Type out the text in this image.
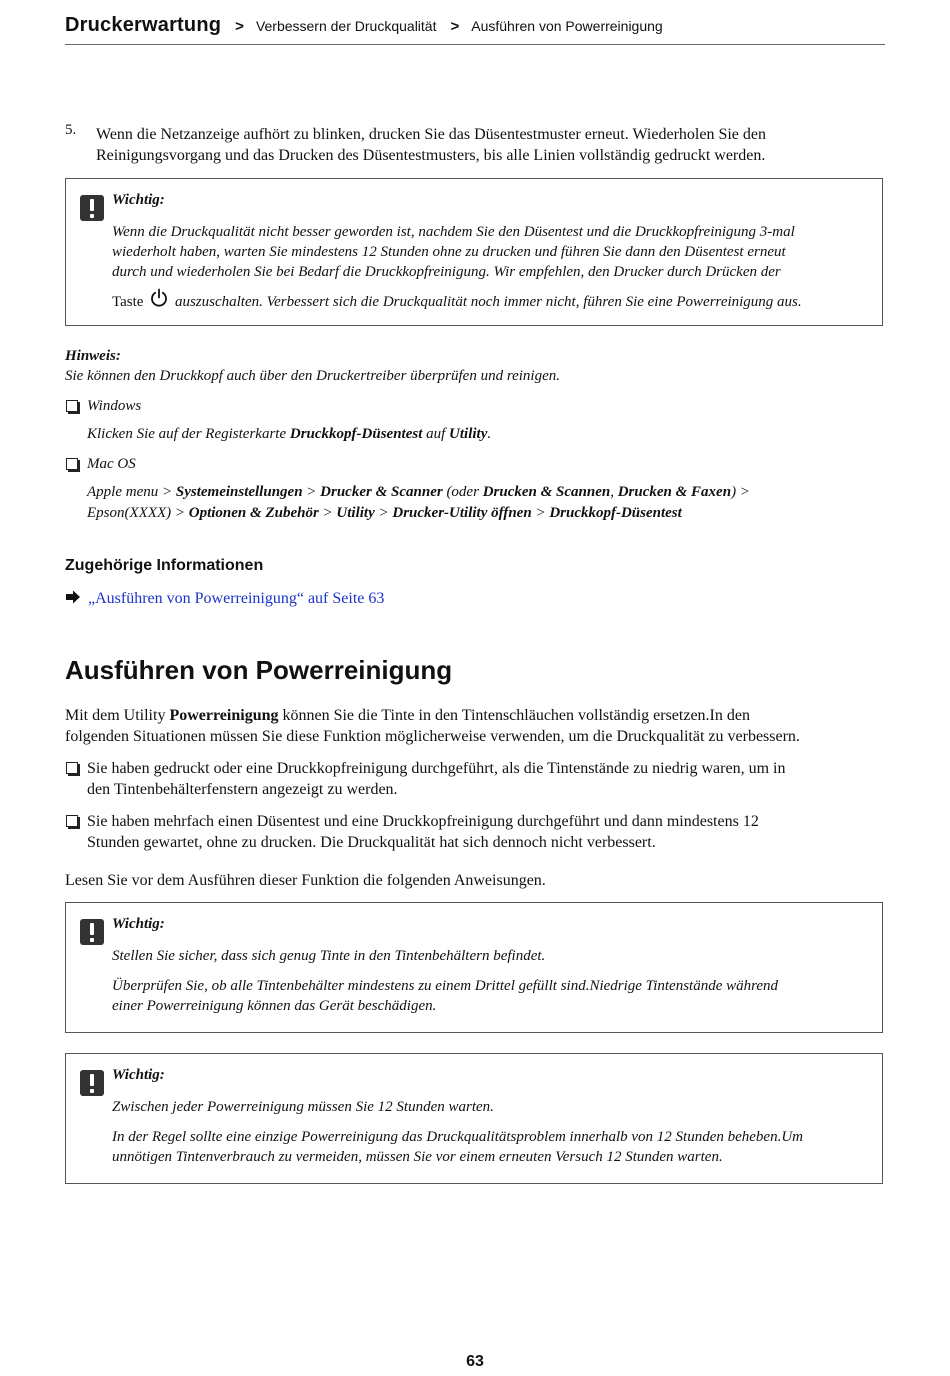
Druckerwartung > Verbessern der Druckqualität > Ausführen von Powerreinigung
5. Wenn die Netzanzeige aufhört zu blinken, drucken Sie das Düsentestmuster erneut. Wiederholen Sie den
Reinigungsvorgang und das Drucken des Düsentestmusters, bis alle Linien vollständig gedruckt werden.
Wichtig:
Wenn die Druckqualität nicht besser geworden ist, nachdem Sie den Düsentest und die Druckkopfreinigung 3-mal
wiederholt haben, warten Sie mindestens 12 Stunden ohne zu drucken und führen Sie dann den Düsentest erneut
durch und wiederholen Sie bei Bedarf die Druckkopfreinigung. Wir empfehlen, den Drucker durch Drücken der
Taste auszuschalten. Verbessert sich die Druckqualität noch immer nicht, führen Sie eine Powerreinigung aus.
Hinweis:
Sie können den Druckkopf auch über den Druckertreiber überprüfen und reinigen.
Windows
Klicken Sie auf der Registerkarte Druckkopf-Düsentest auf Utility.
Mac OS
Apple menu > Systemeinstellungen > Drucker & Scanner (oder Drucken & Scannen, Drucken & Faxen) >
Epson(XXXX) > Optionen & Zubehör > Utility > Drucker-Utility öffnen > Druckkopf-Düsentest
Zugehörige Informationen
„Ausführen von Powerreinigung“ auf Seite 63
Ausführen von Powerreinigung
Mit dem Utility Powerreinigung können Sie die Tinte in den Tintenschläuchen vollständig ersetzen.In den
folgenden Situationen müssen Sie diese Funktion möglicherweise verwenden, um die Druckqualität zu verbessern.
Sie haben gedruckt oder eine Druckkopfreinigung durchgeführt, als die Tintenstände zu niedrig waren, um in
den Tintenbehälterfenstern angezeigt zu werden.
Sie haben mehrfach einen Düsentest und eine Druckkopfreinigung durchgeführt und dann mindestens 12
Stunden gewartet, ohne zu drucken. Die Druckqualität hat sich dennoch nicht verbessert.
Lesen Sie vor dem Ausführen dieser Funktion die folgenden Anweisungen.
Wichtig:
Stellen Sie sicher, dass sich genug Tinte in den Tintenbehältern befindet.
Überprüfen Sie, ob alle Tintenbehälter mindestens zu einem Drittel gefüllt sind.Niedrige Tintenstände während
einer Powerreinigung können das Gerät beschädigen.
Wichtig:
Zwischen jeder Powerreinigung müssen Sie 12 Stunden warten.
In der Regel sollte eine einzige Powerreinigung das Druckqualitätsproblem innerhalb von 12 Stunden beheben.Um
unnötigen Tintenverbrauch zu vermeiden, müssen Sie vor einem erneuten Versuch 12 Stunden warten.
63
